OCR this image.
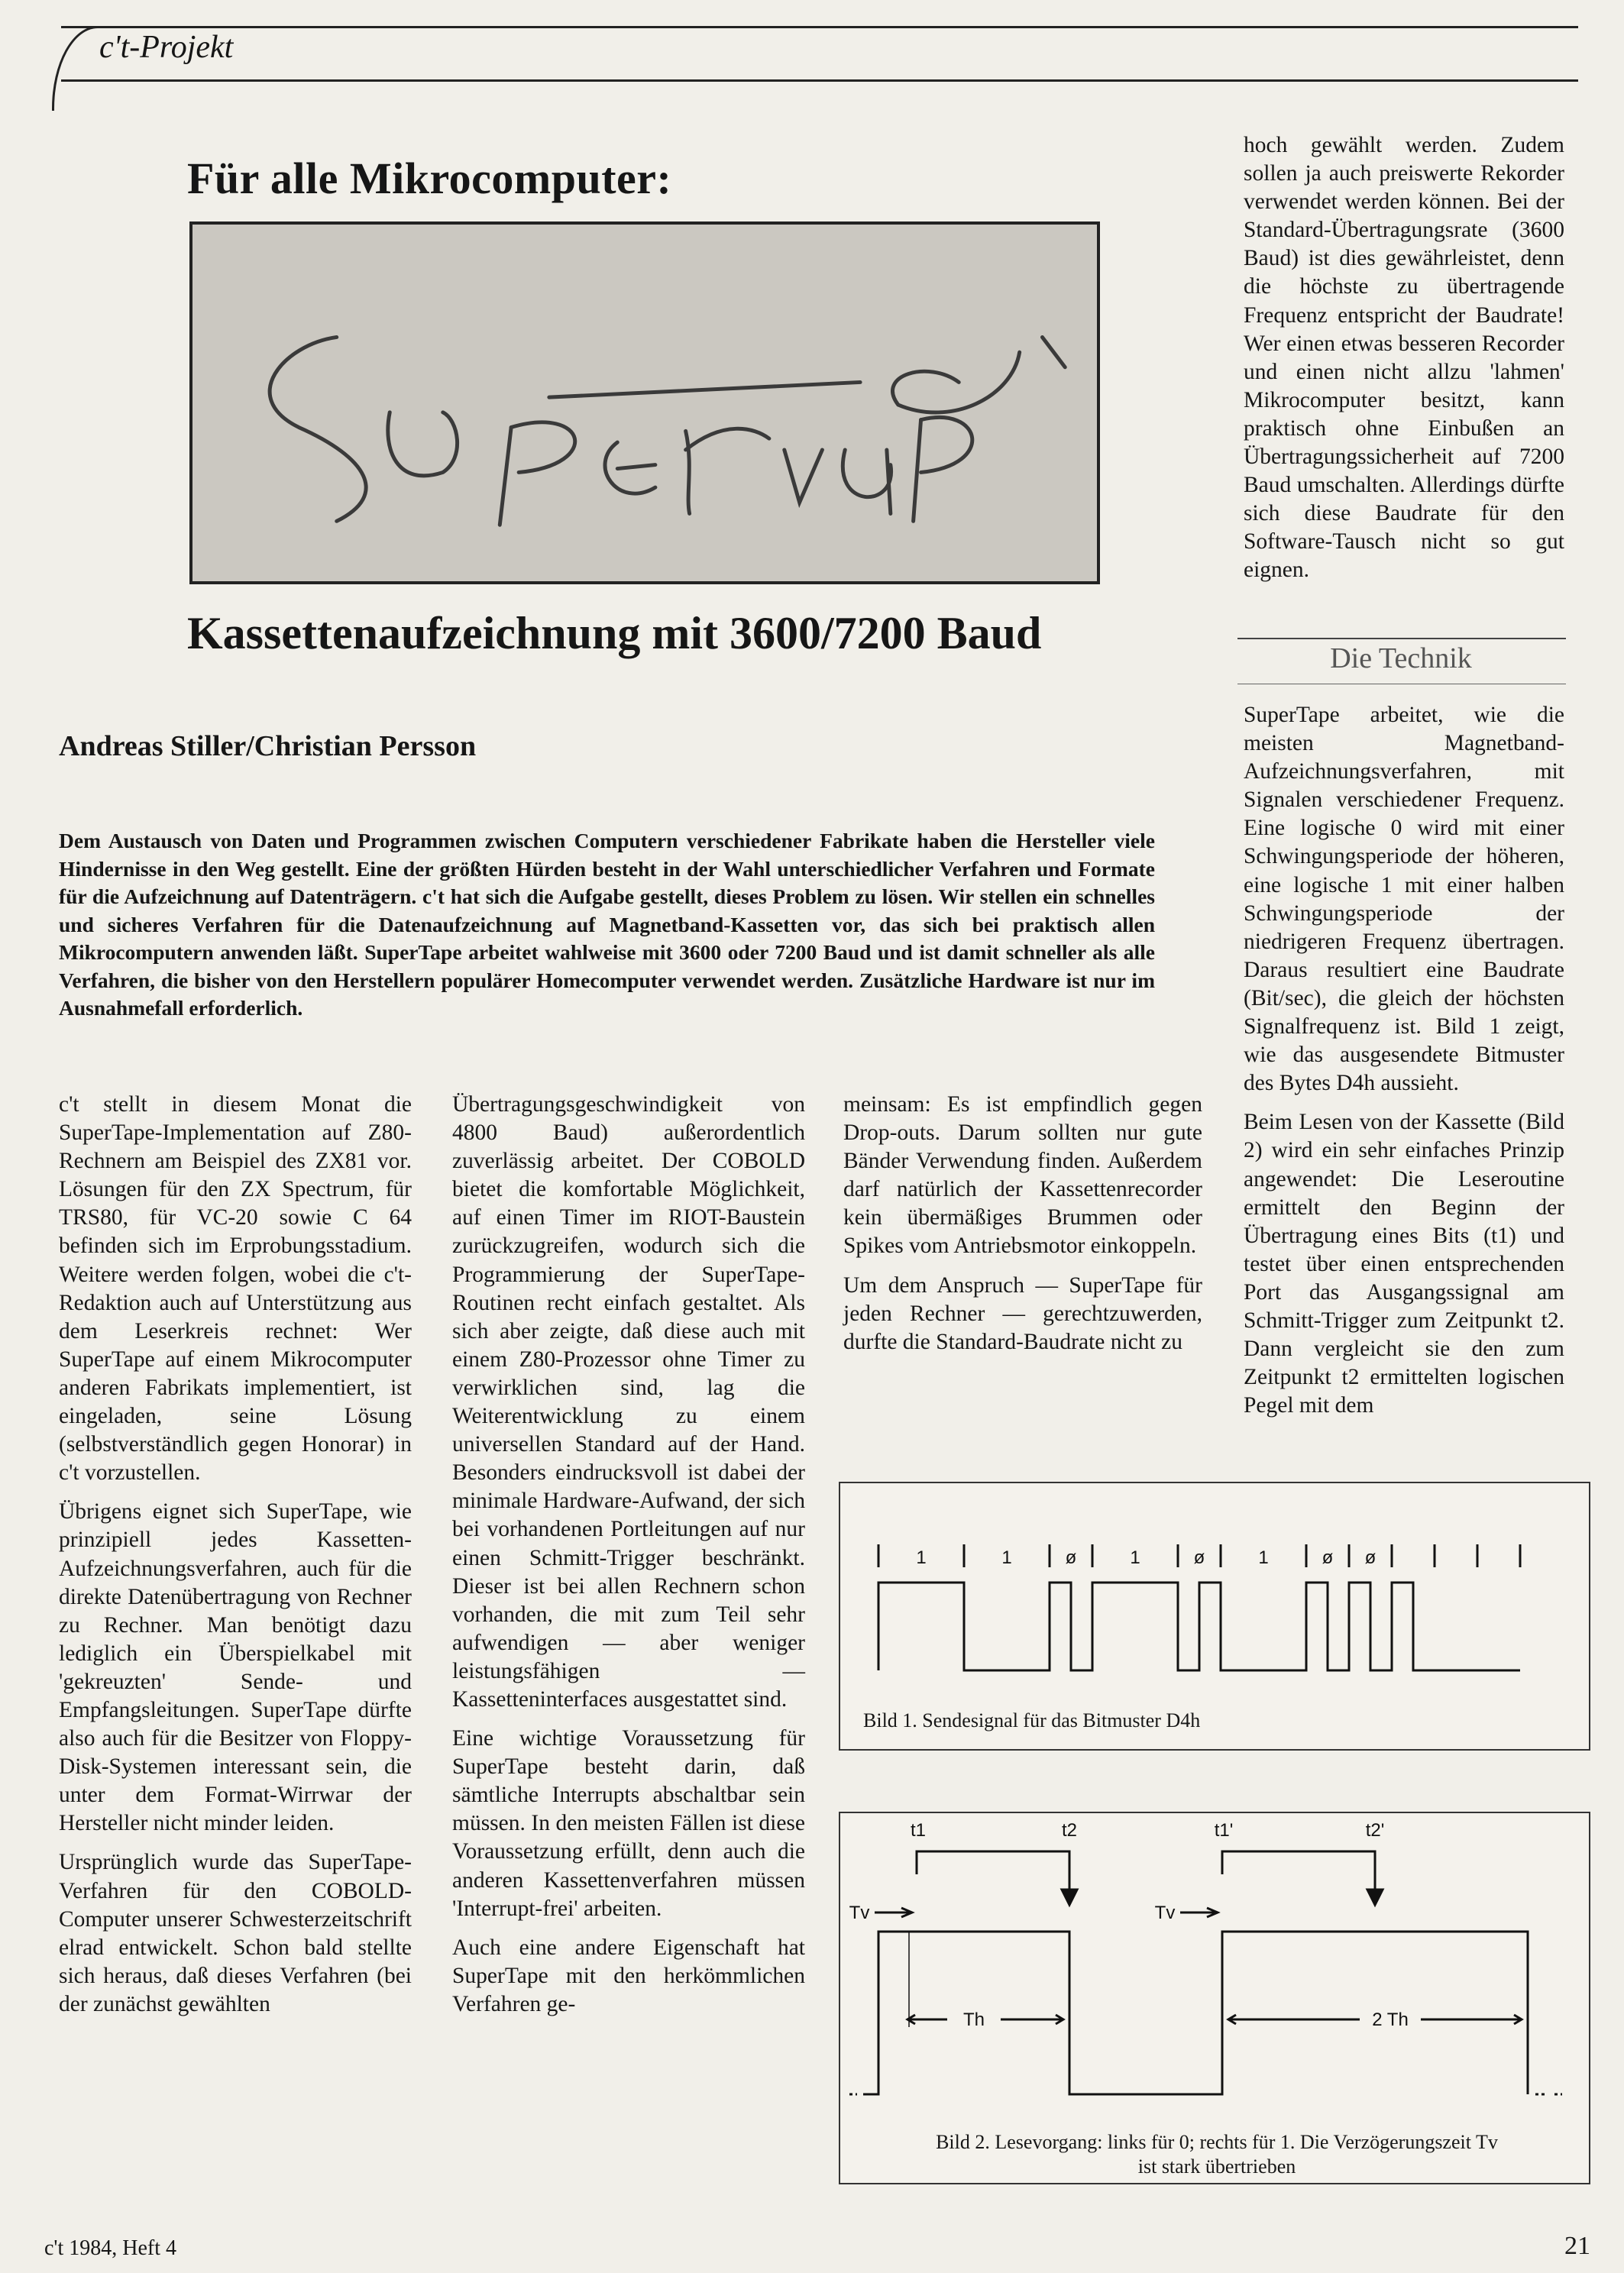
c't-Projekt
Für alle Mikrocomputer:
Kassettenaufzeichnung mit 3600/7200 Baud
Andreas Stiller/Christian Persson
Dem Austausch von Daten und Programmen zwischen Computern verschiedener Fabrikate haben die Hersteller viele Hindernisse in den Weg gestellt. Eine der größten Hürden besteht in der Wahl unterschiedlicher Verfahren und Formate für die Aufzeichnung auf Datenträgern. c't hat sich die Aufgabe gestellt, dieses Problem zu lösen. Wir stellen ein schnelles und sicheres Verfahren für die Datenaufzeichnung auf Magnetband-Kassetten vor, das sich bei praktisch allen Mikrocomputern anwenden läßt. SuperTape arbeitet wahlweise mit 3600 oder 7200 Baud und ist damit schneller als alle Verfahren, die bisher von den Herstellern populärer Homecomputer verwendet werden. Zusätzliche Hardware ist nur im Ausnahmefall erforderlich.

c't stellt in diesem Monat die SuperTape-Implementation auf Z80-Rechnern am Beispiel des ZX81 vor. Lösungen für den ZX Spectrum, für TRS80, für VC-20 sowie C 64 befinden sich im Erprobungsstadium. Weitere werden folgen, wobei die c't-Redaktion auch auf Unterstützung aus dem Leserkreis rechnet: Wer SuperTape auf einem Mikrocomputer anderen Fabrikats implementiert, ist eingeladen, seine Lösung (selbstverständlich gegen Honorar) in c't vorzustellen.

Übrigens eignet sich SuperTape, wie prinzipiell jedes Kassetten-Aufzeichnungsverfahren, auch für die direkte Datenübertragung von Rechner zu Rechner. Man benötigt dazu lediglich ein Überspielkabel mit 'gekreuzten' Sende- und Empfangsleitungen. SuperTape dürfte also auch für die Besitzer von Floppy-Disk-Systemen interessant sein, die unter dem Format-Wirrwar der Hersteller nicht minder leiden.

Ursprünglich wurde das SuperTape-Verfahren für den COBOLD-Computer unserer Schwesterzeitschrift elrad entwickelt. Schon bald stellte sich heraus, daß dieses Verfahren (bei der zunächst gewählten

Übertragungsgeschwindigkeit von 4800 Baud) außerordentlich zuverlässig arbeitet. Der COBOLD bietet die komfortable Möglichkeit, auf einen Timer im RIOT-Baustein zurückzugreifen, wodurch sich die Programmierung der SuperTape-Routinen recht einfach gestaltet. Als sich aber zeigte, daß diese auch mit einem Z80-Prozessor ohne Timer zu verwirklichen sind, lag die Weiterentwicklung zu einem universellen Standard auf der Hand. Besonders eindrucksvoll ist dabei der minimale Hardware-Aufwand, der sich bei vorhandenen Portleitungen auf nur einen Schmitt-Trigger beschränkt. Dieser ist bei allen Rechnern schon vorhanden, die mit zum Teil sehr aufwendigen — aber weniger leistungsfähigen — Kassetteninterfaces ausgestattet sind.

Eine wichtige Voraussetzung für SuperTape besteht darin, daß sämtliche Interrupts abschaltbar sein müssen. In den meisten Fällen ist diese Voraussetzung erfüllt, denn auch die anderen Kassettenverfahren müssen 'Interrupt-frei' arbeiten.

Auch eine andere Eigenschaft hat SuperTape mit den herkömmlichen Verfahren ge-

meinsam: Es ist empfindlich gegen Drop-outs. Darum sollten nur gute Bänder Verwendung finden. Außerdem darf natürlich der Kassettenrecorder kein übermäßiges Brummen oder Spikes vom Antriebsmotor einkoppeln.

Um dem Anspruch — SuperTape für jeden Rechner — gerechtzuwerden, durfte die Standard-Baudrate nicht zu

hoch gewählt werden. Zudem sollen ja auch preiswerte Rekorder verwendet werden können. Bei der Standard-Übertragungsrate (3600 Baud) ist dies gewährleistet, denn die höchste zu übertragende Frequenz entspricht der Baudrate! Wer einen etwas besseren Recorder und einen nicht allzu 'lahmen' Mikrocomputer besitzt, kann praktisch ohne Einbußen an Übertragungssicherheit auf 7200 Baud umschalten. Allerdings dürfte sich diese Baudrate für den Software-Tausch nicht so gut eignen.

Die Technik

SuperTape arbeitet, wie die meisten Magnetband-Aufzeichnungsverfahren, mit Signalen verschiedener Frequenz. Eine logische 0 wird mit einer Schwingungsperiode der höheren, eine logische 1 mit einer halben Schwingungsperiode der niedrigeren Frequenz übertragen. Daraus resultiert eine Baudrate (Bit/sec), die gleich der höchsten Signalfrequenz ist. Bild 1 zeigt, wie das ausgesendete Bitmuster des Bytes D4h aussieht.

Beim Lesen von der Kassette (Bild 2) wird ein sehr einfaches Prinzip angewendet: Die Leseroutine ermittelt den Beginn der Übertragung eines Bits (t1) und testet über einen entsprechenden Port das Ausgangssignal am Schmitt-Trigger zum Zeitpunkt t2. Dann vergleicht sie den zum Zeitpunkt t2 ermittelten logischen Pegel mit dem

1	1	ø	1	ø	1	ø ø
Bild 1. Sendesignal für das Bitmuster D4h
t1	t2	t1'	t2'
Tv	Tv
Th	2 Th
Bild 2. Lesevorgang: links für 0; rechts für 1. Die Verzögerungszeit Tv
ist stark übertrieben
c't 1984, Heft 4	21
